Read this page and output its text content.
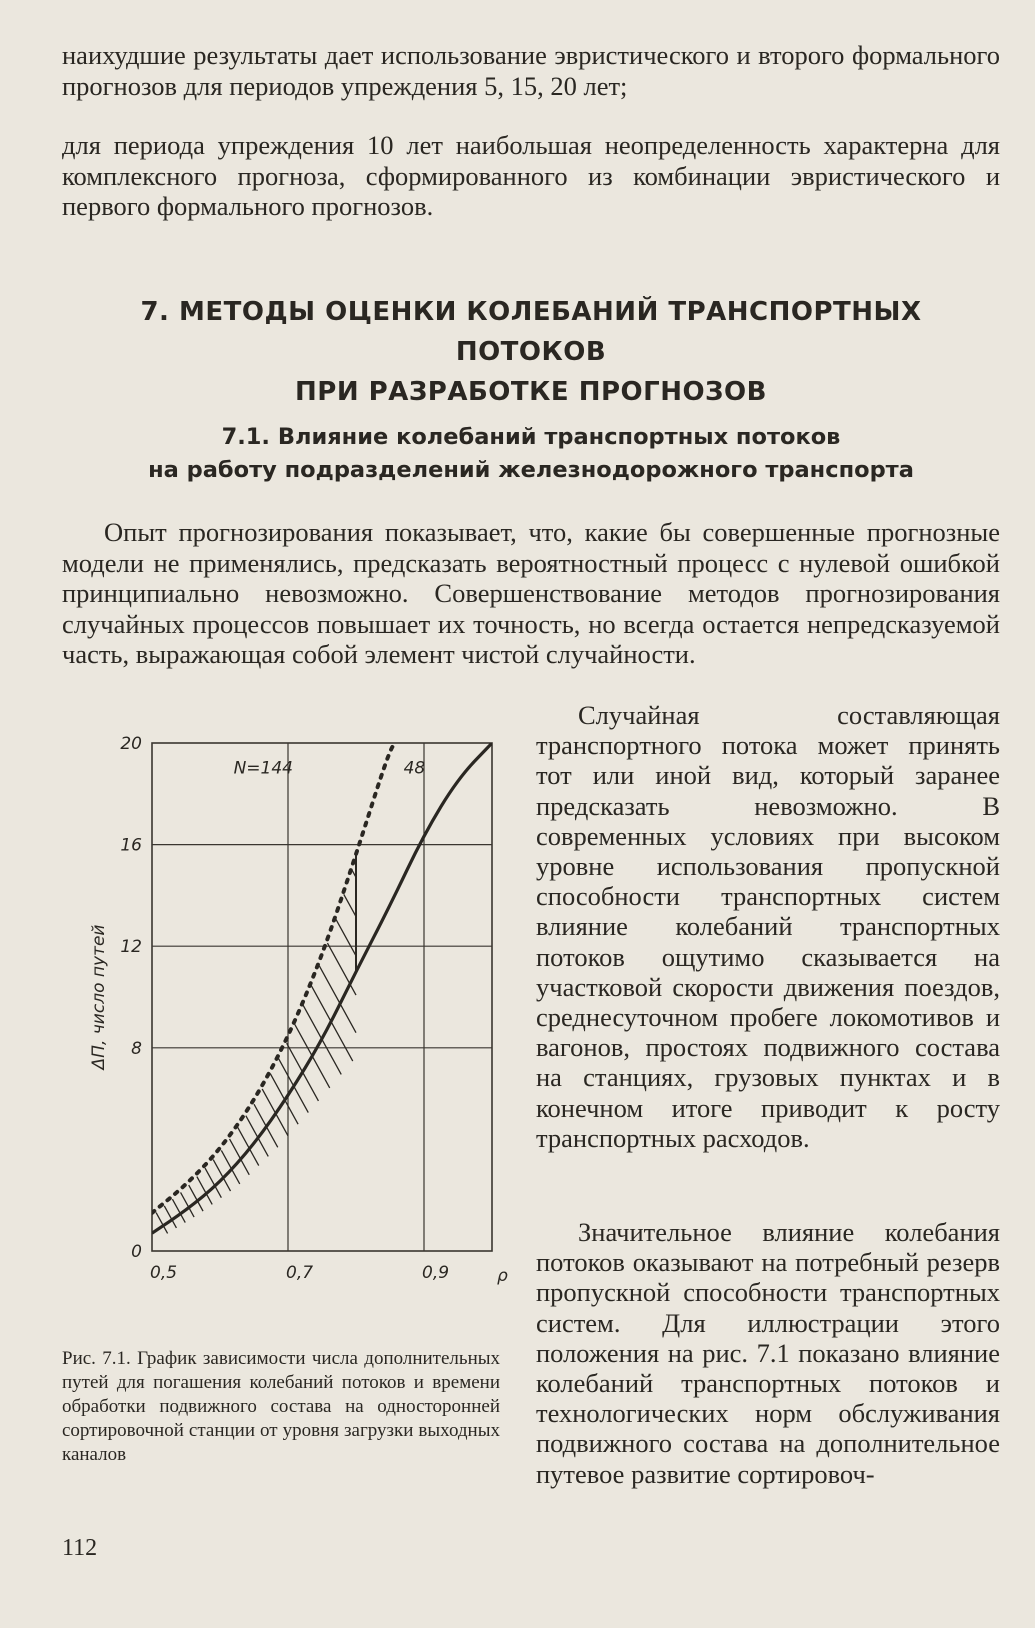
наихудшие результаты дает использование эвристического и второго формального прогнозов для периодов упреждения 5, 15, 20 лет;

для периода упреждения 10 лет наибольшая неопределенность характерна для комплексного прогноза, сформированного из комбинации эвристического и первого формального прогнозов.

7. МЕТОДЫ ОЦЕНКИ КОЛЕБАНИЙ ТРАНСПОРТНЫХ ПОТОКОВ
ПРИ РАЗРАБОТКЕ ПРОГНОЗОВ
7.1. Влияние колебаний транспортных потоков
на работу подразделений железнодорожного транспорта

Опыт прогнозирования показывает, что, какие бы совершенные прогнозные модели не применялись, предсказать вероятностный процесс с нулевой ошибкой принципиально невозможно. Совершенствование методов прогнозирования случайных процессов повышает их точность, но всегда остается непредсказуемой часть, выражающая собой элемент чистой случайности.

0,5	0,7	0,9
0
8
12
16
20
ρ
ΔП, число путей
N=144	48
Случайная составляющая транспортного потока может принять тот или иной вид, который заранее предсказать невозможно. В современных условиях при высоком уровне использования пропускной способности транспортных систем влияние колебаний транспортных потоков ощутимо сказывается на участковой скорости движения поездов, среднесуточном пробеге локомотивов и вагонов, простоях подвижного состава на станциях, грузовых пунктах и в конечном итоге приводит к росту транспортных расходов.
Значительное влияние колебания потоков оказывают на потребный резерв пропускной способности транспортных систем. Для иллюстрации этого положения на рис. 7.1 показано влияние колебаний транспортных потоков и технологических норм обслуживания подвижного состава на дополнительное путевое развитие сортировоч-

Рис. 7.1. График зависимости числа дополнительных путей для погашения колебаний потоков и времени обработки подвижного состава на односторонней сортировочной станции от уровня загрузки выходных каналов

112
